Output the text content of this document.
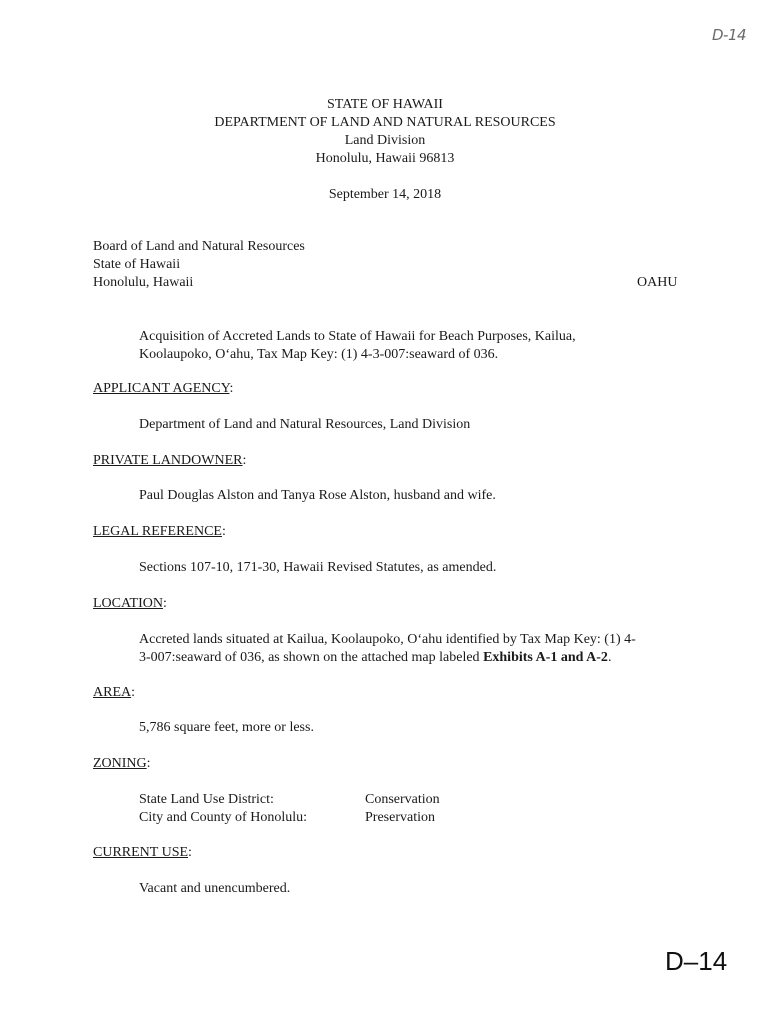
D-14
STATE OF HAWAII
DEPARTMENT OF LAND AND NATURAL RESOURCES
Land Division
Honolulu, Hawaii 96813
September 14, 2018
Board of Land and Natural Resources
State of Hawaii
Honolulu, Hawaii	OAHU
Acquisition of Accreted Lands to State of Hawaii for Beach Purposes, Kailua,
Koolaupoko, O‘ahu, Tax Map Key: (1) 4-3-007:seaward of 036.
APPLICANT AGENCY:
Department of Land and Natural Resources, Land Division
PRIVATE LANDOWNER:
Paul Douglas Alston and Tanya Rose Alston, husband and wife.
LEGAL REFERENCE:
Sections 107-10, 171-30, Hawaii Revised Statutes, as amended.
LOCATION:
Accreted lands situated at Kailua, Koolaupoko, O‘ahu identified by Tax Map Key: (1) 4-
3-007:seaward of 036, as shown on the attached map labeled Exhibits A-1 and A-2.
AREA:
5,786 square feet, more or less.
ZONING:
State Land Use District:	Conservation
City and County of Honolulu:	Preservation
CURRENT USE:
Vacant and unencumbered.
D–14
